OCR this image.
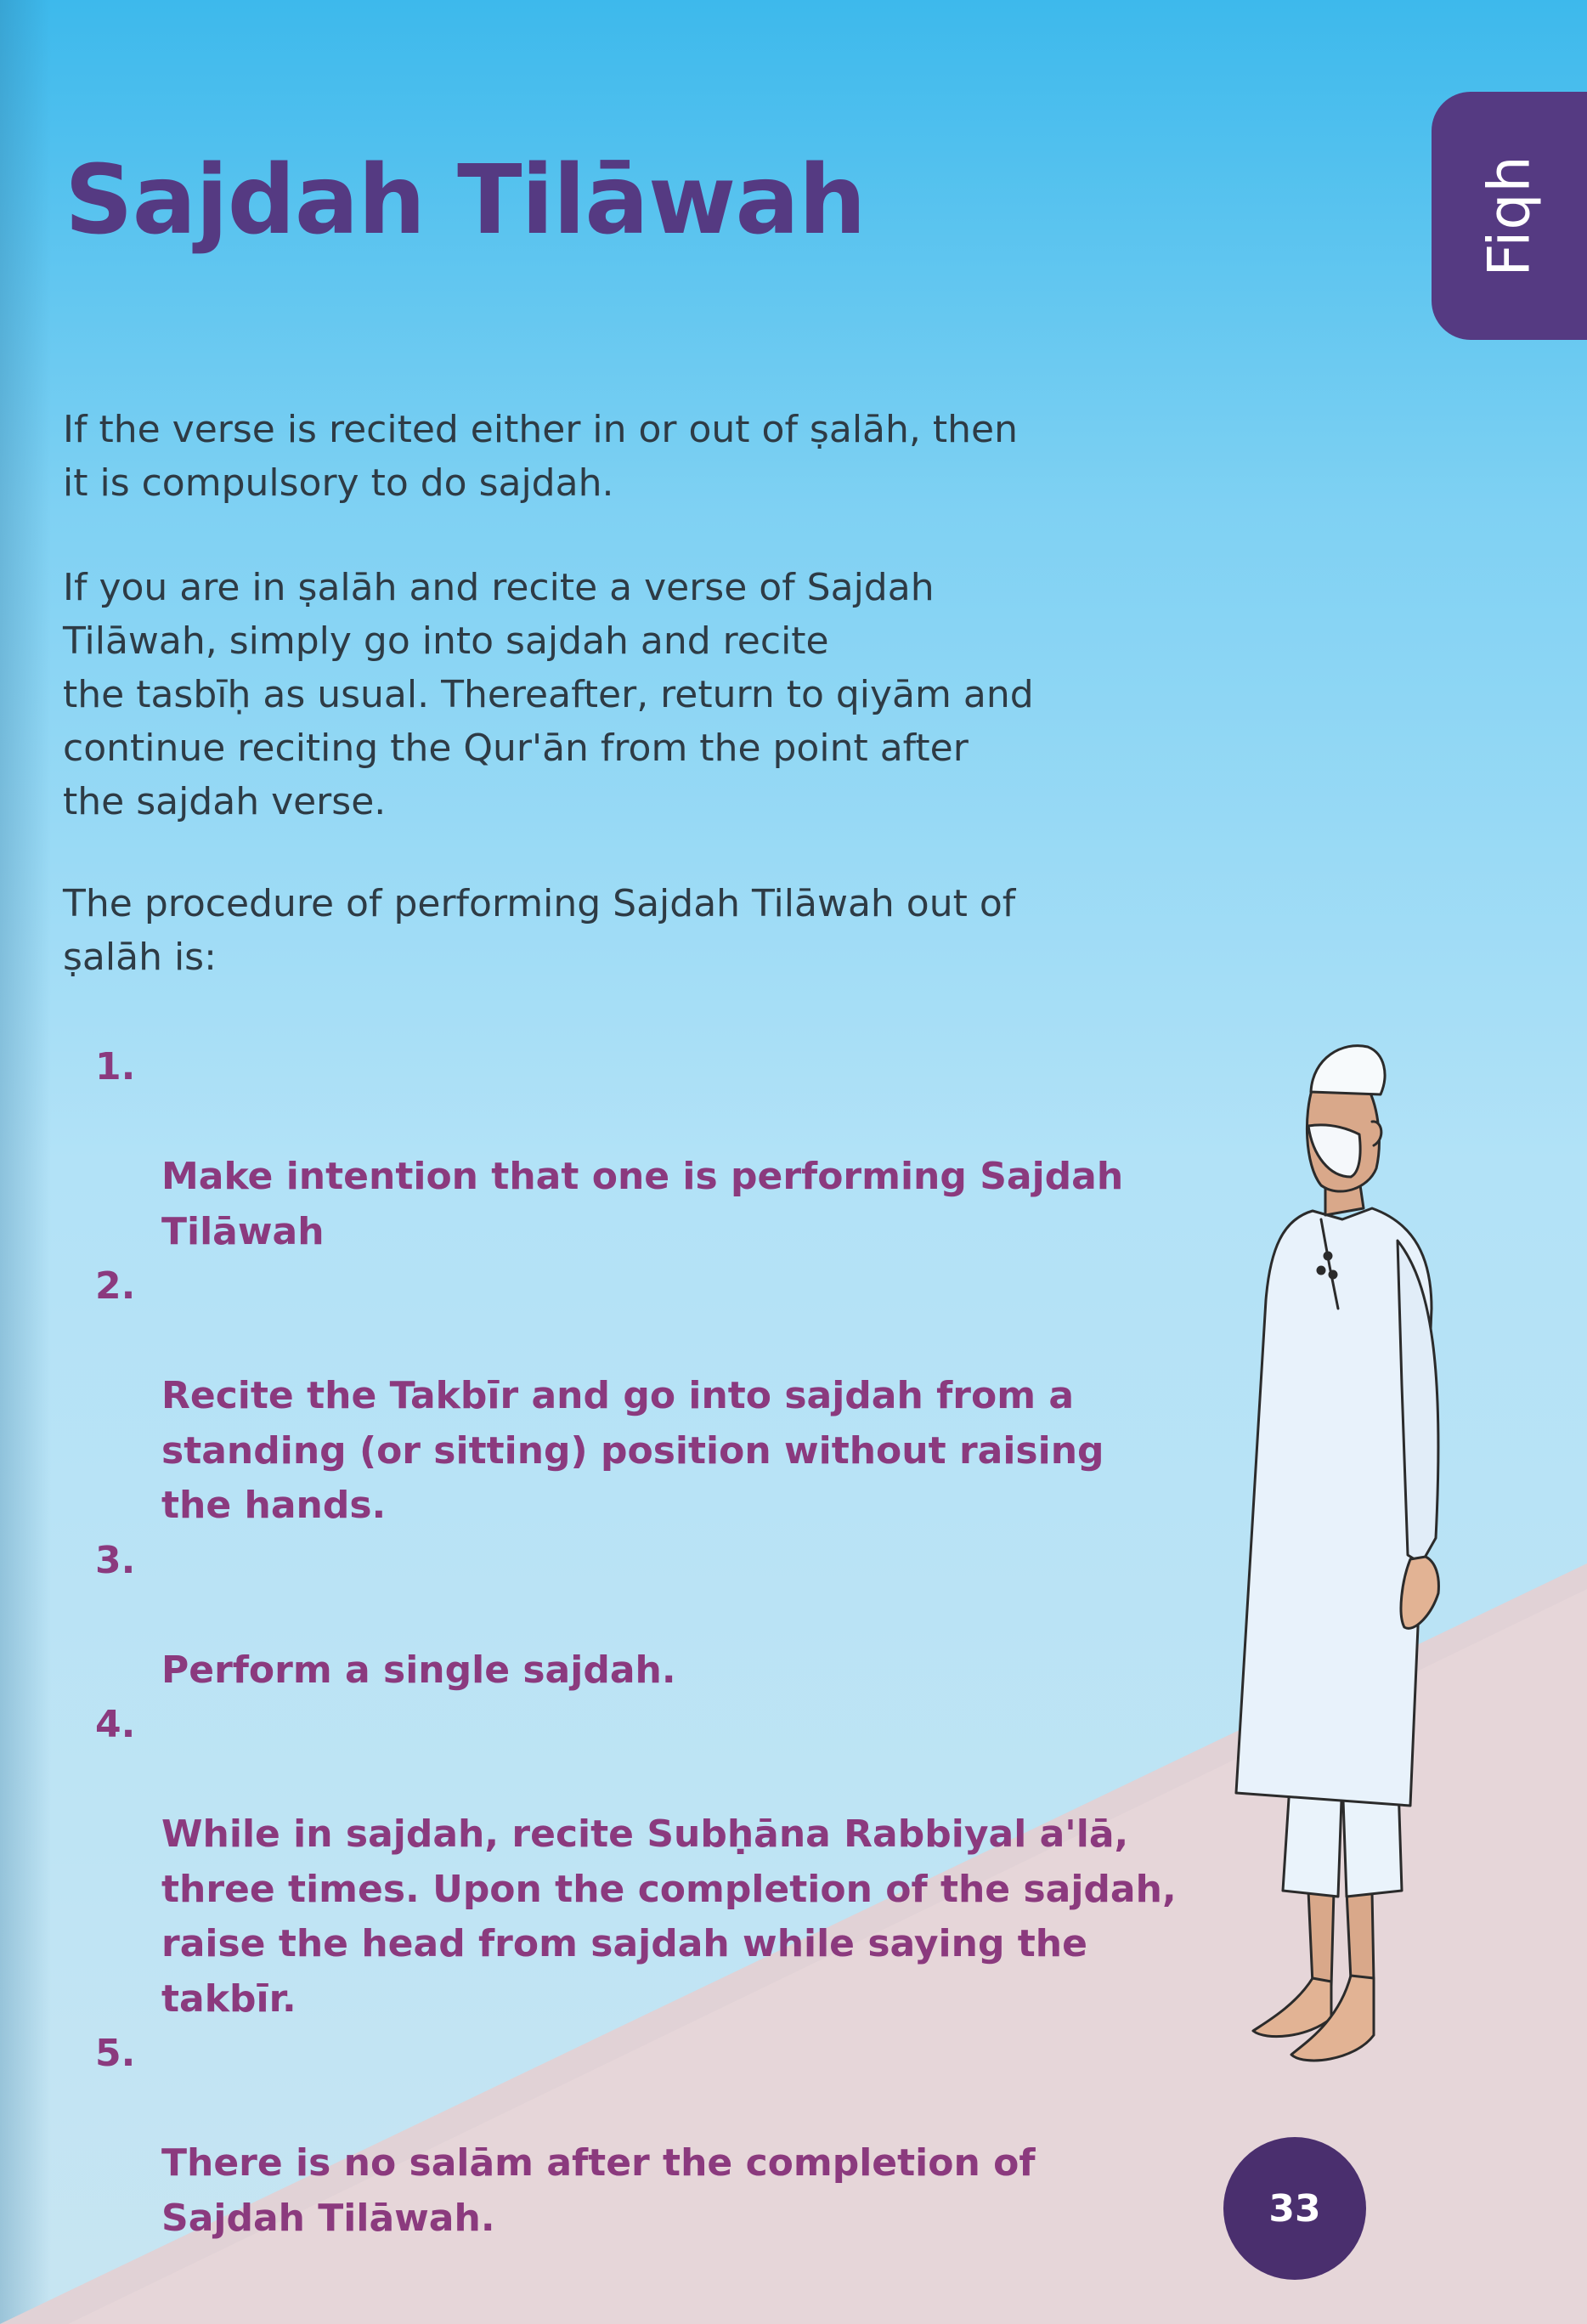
Sajdah Tilāwah	Fiqh

If the verse is recited either in or out of ṣalāh, then
it is compulsory to do sajdah.

If you are in ṣalāh and recite a verse of Sajdah
Tilāwah, simply go into sajdah and recite
the tasbīḥ as usual. Thereafter, return to qiyām and
continue reciting the Qur'ān from the point after
the sajdah verse.

The procedure of performing Sajdah Tilāwah out of
ṣalāh is:

1.

Make intention that one is performing Sajdah
Tilāwah

2.

Recite the Takbīr and go into sajdah from a
standing (or sitting) position without raising
the hands.

3.

Perform a single sajdah.

4.

While in sajdah, recite Subḥāna Rabbiyal a'lā,
three times. Upon the completion of the sajdah,
raise the head from sajdah while saying the
takbīr.

5.

There is no salām after the completion of
Sajdah Tilāwah.	33
